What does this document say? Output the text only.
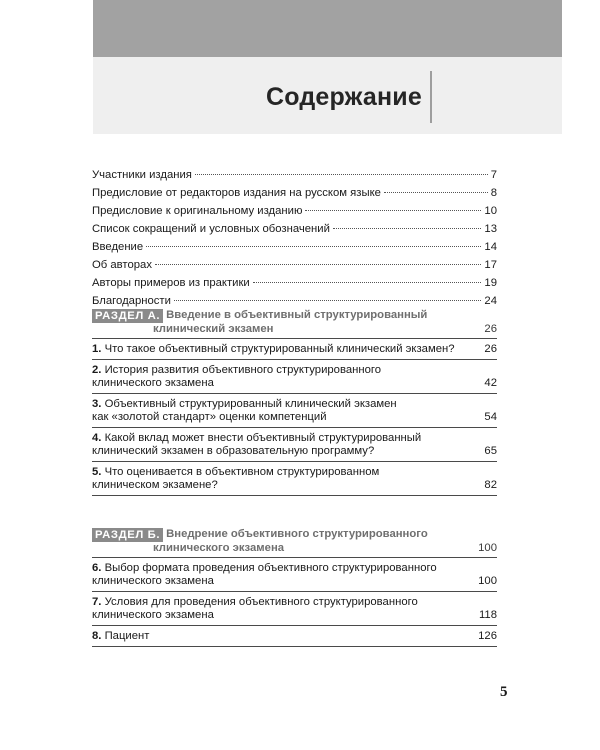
Содержание
Участники издания	7
Предисловие от редакторов издания на русском языке	8
Предисловие к оригинальному изданию	10
Список сокращений и условных обозначений	13
Введение	14
Об авторах	17
Авторы примеров из практики	19
Благодарности	24
РАЗДЕЛ А. Введение в объективный структурированный
клинический экзамен	26
1. Что такое объективный структурированный клинический экзамен?	26
2. История развития объективного структурированного
клинического экзамена	42
3. Объективный структурированный клинический экзамен
как «золотой стандарт» оценки компетенций	54
4. Какой вклад может внести объективный структурированный
клинический экзамен в образовательную программу?	65
5. Что оценивается в объективном структурированном
клиническом экзамене?	82
РАЗДЕЛ Б. Внедрение объективного структурированного
клинического экзамена	100
6. Выбор формата проведения объективного структурированного
клинического экзамена	100
7. Условия для проведения объективного структурированного
клинического экзамена	118
8. Пациент	126
5
